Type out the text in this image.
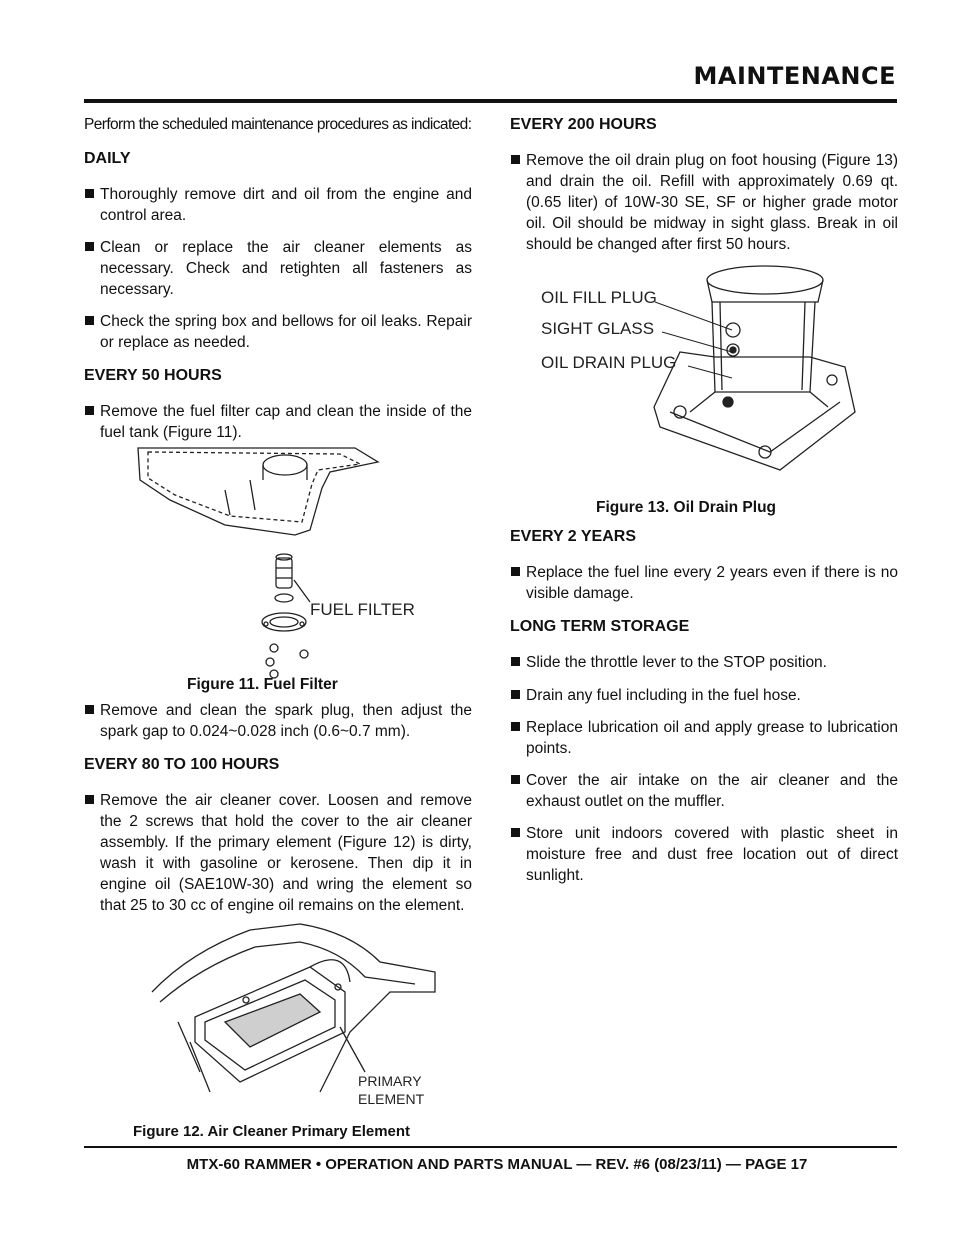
MAINTENANCE
Perform the scheduled maintenance procedures as indicated:
DAILY
Thoroughly remove dirt and oil from the engine and control area.
Clean or replace the air cleaner elements as necessary. Check and retighten all fasteners as necessary.
Check the spring box and bellows for oil leaks. Repair or replace as needed.
EVERY 50 HOURS
Remove the fuel filter cap and clean the inside of the fuel tank (Figure 11).
FUEL FILTER
Figure 11. Fuel Filter
Remove and clean the spark plug, then adjust the spark gap to 0.024~0.028 inch (0.6~0.7 mm).
EVERY 80 TO 100 HOURS
Remove the air cleaner cover. Loosen and remove the 2 screws that hold the cover to the air cleaner assembly. If the primary element (Figure 12) is dirty, wash it with gasoline or kerosene. Then dip it in engine oil (SAE10W-30) and wring the element so that 25 to 30 cc of engine oil remains on the element.
PRIMARY
ELEMENT
Figure 12. Air Cleaner Primary Element
EVERY 200 HOURS
Remove the oil drain plug on foot housing (Figure 13) and drain the oil. Refill with approximately 0.69 qt. (0.65 liter) of 10W-30 SE, SF or higher grade motor oil. Oil should be midway in sight glass. Break in oil should be changed after first 50 hours.
OIL FILL PLUG
SIGHT GLASS
OIL DRAIN PLUG
Figure 13. Oil Drain Plug
EVERY 2 YEARS
Replace the fuel line every 2 years even if there is no visible damage.
LONG TERM STORAGE
Slide the throttle lever to the STOP position.
Drain any fuel including in the fuel hose.
Replace lubrication oil and apply grease to lubrication points.
Cover the air intake on the air cleaner and the exhaust outlet on the muffler.
Store unit indoors covered with plastic sheet in moisture free and dust free location out of direct sunlight.
MTX-60 RAMMER • OPERATION AND PARTS MANUAL — REV. #6 (08/23/11) — PAGE 17
